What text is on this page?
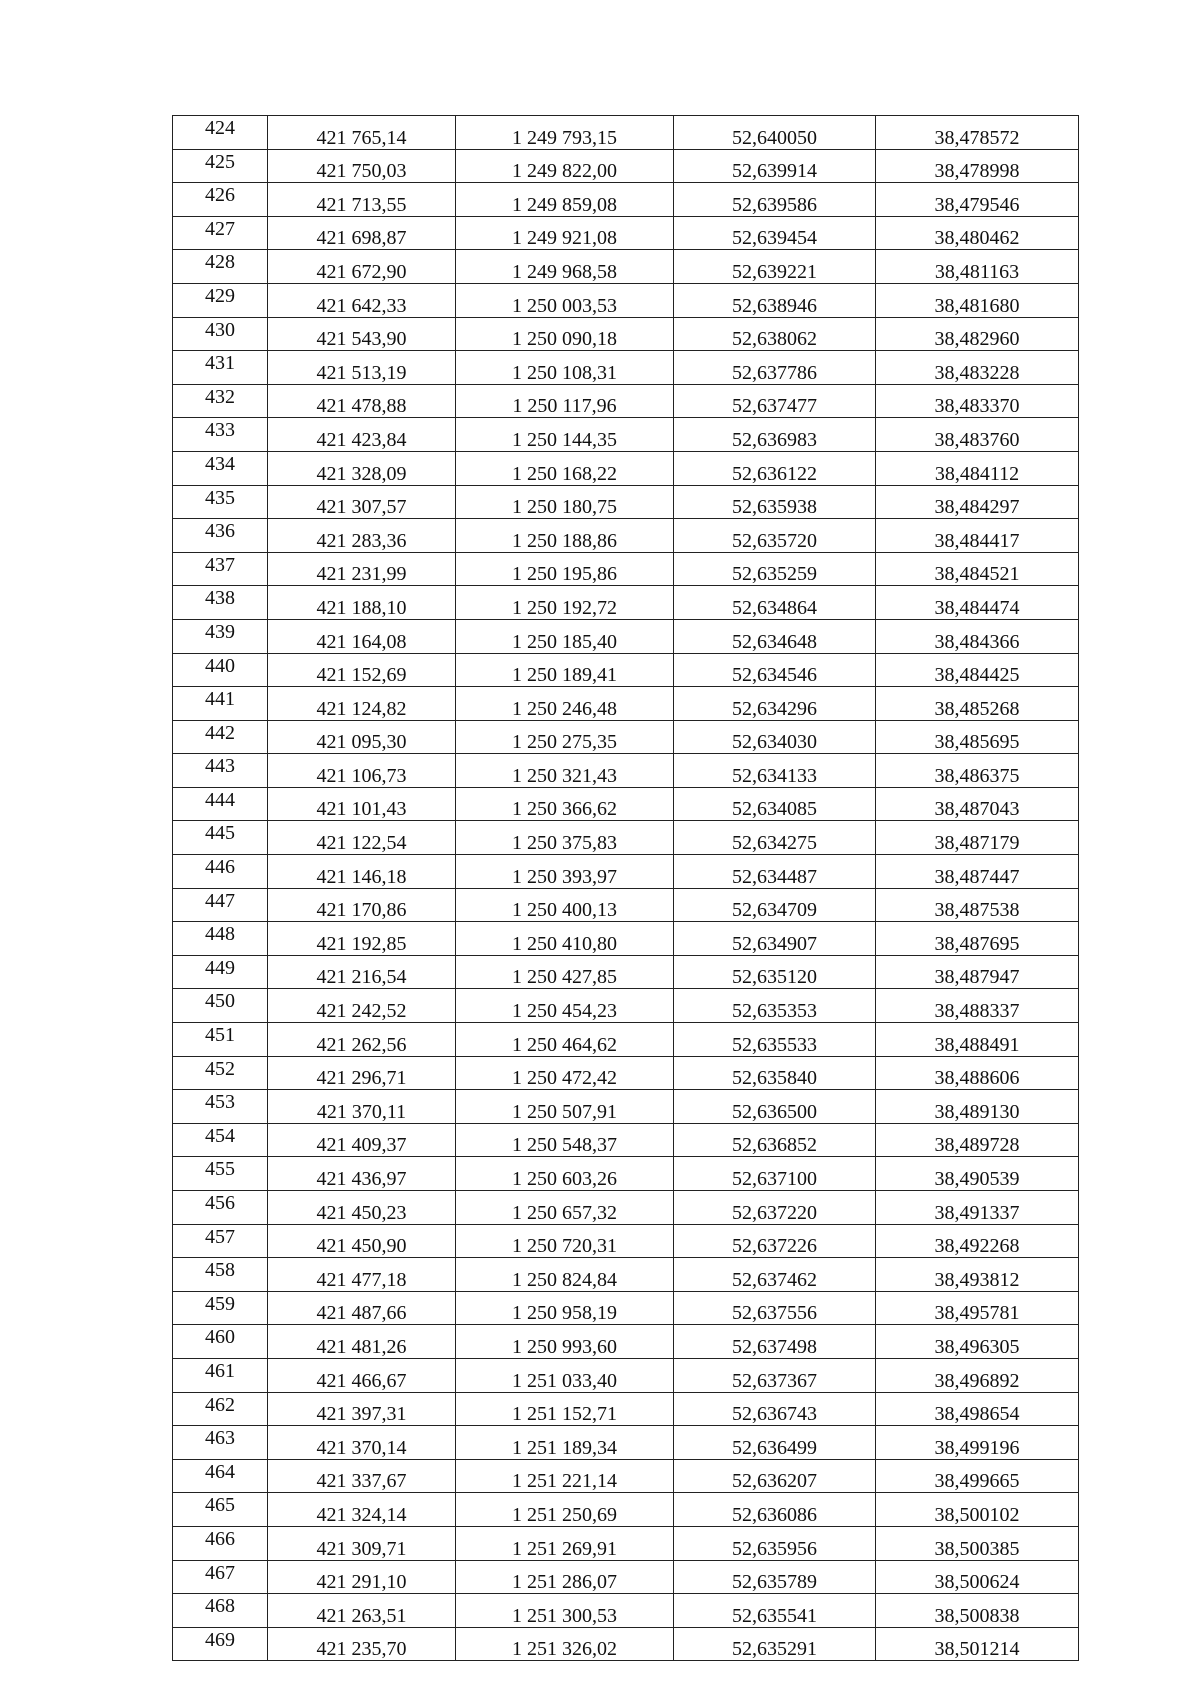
424	421 765,14	1 249 793,15	52,640050	38,478572
425	421 750,03	1 249 822,00	52,639914	38,478998
426	421 713,55	1 249 859,08	52,639586	38,479546
427	421 698,87	1 249 921,08	52,639454	38,480462
428	421 672,90	1 249 968,58	52,639221	38,481163
429	421 642,33	1 250 003,53	52,638946	38,481680
430	421 543,90	1 250 090,18	52,638062	38,482960
431	421 513,19	1 250 108,31	52,637786	38,483228
432	421 478,88	1 250 117,96	52,637477	38,483370
433	421 423,84	1 250 144,35	52,636983	38,483760
434	421 328,09	1 250 168,22	52,636122	38,484112
435	421 307,57	1 250 180,75	52,635938	38,484297
436	421 283,36	1 250 188,86	52,635720	38,484417
437	421 231,99	1 250 195,86	52,635259	38,484521
438	421 188,10	1 250 192,72	52,634864	38,484474
439	421 164,08	1 250 185,40	52,634648	38,484366
440	421 152,69	1 250 189,41	52,634546	38,484425
441	421 124,82	1 250 246,48	52,634296	38,485268
442	421 095,30	1 250 275,35	52,634030	38,485695
443	421 106,73	1 250 321,43	52,634133	38,486375
444	421 101,43	1 250 366,62	52,634085	38,487043
445	421 122,54	1 250 375,83	52,634275	38,487179
446	421 146,18	1 250 393,97	52,634487	38,487447
447	421 170,86	1 250 400,13	52,634709	38,487538
448	421 192,85	1 250 410,80	52,634907	38,487695
449	421 216,54	1 250 427,85	52,635120	38,487947
450	421 242,52	1 250 454,23	52,635353	38,488337
451	421 262,56	1 250 464,62	52,635533	38,488491
452	421 296,71	1 250 472,42	52,635840	38,488606
453	421 370,11	1 250 507,91	52,636500	38,489130
454	421 409,37	1 250 548,37	52,636852	38,489728
455	421 436,97	1 250 603,26	52,637100	38,490539
456	421 450,23	1 250 657,32	52,637220	38,491337
457	421 450,90	1 250 720,31	52,637226	38,492268
458	421 477,18	1 250 824,84	52,637462	38,493812
459	421 487,66	1 250 958,19	52,637556	38,495781
460	421 481,26	1 250 993,60	52,637498	38,496305
461	421 466,67	1 251 033,40	52,637367	38,496892
462	421 397,31	1 251 152,71	52,636743	38,498654
463	421 370,14	1 251 189,34	52,636499	38,499196
464	421 337,67	1 251 221,14	52,636207	38,499665
465	421 324,14	1 251 250,69	52,636086	38,500102
466	421 309,71	1 251 269,91	52,635956	38,500385
467	421 291,10	1 251 286,07	52,635789	38,500624
468	421 263,51	1 251 300,53	52,635541	38,500838
469	421 235,70	1 251 326,02	52,635291	38,501214
